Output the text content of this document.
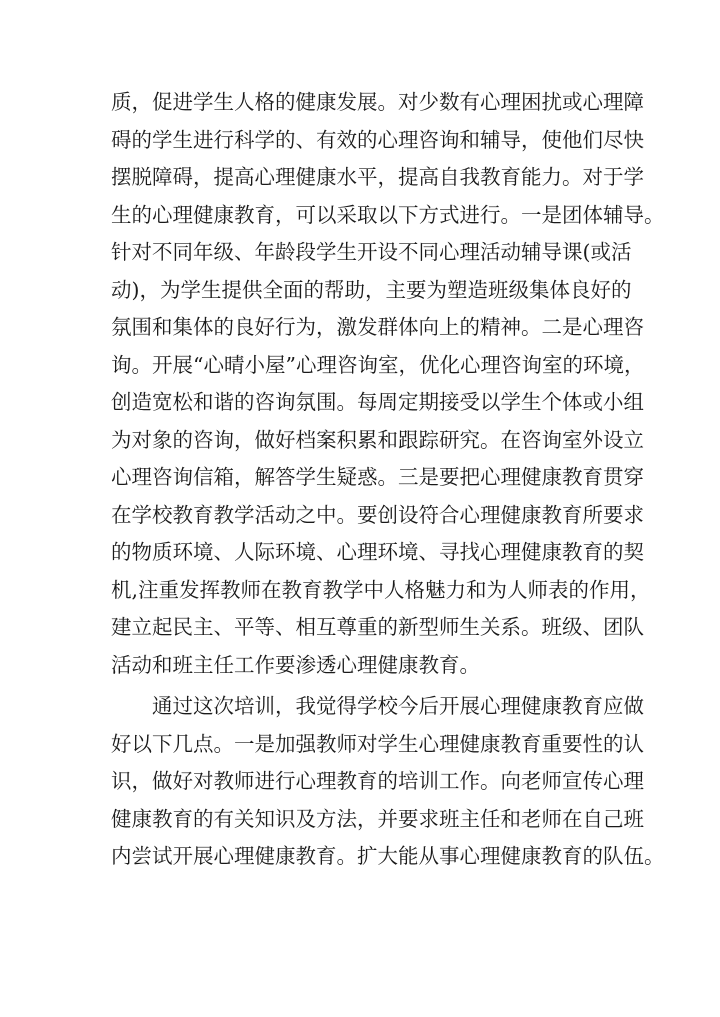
质，促进学生人格的健康发展。对少数有心理困扰或心理障
碍的学生进行科学的、有效的心理咨询和辅导，使他们尽快
摆脱障碍，提高心理健康水平，提高自我教育能力。对于学
生的心理健康教育，可以采取以下方式进行。一是团体辅导。
针对不同年级、年龄段学生开设不同心理活动辅导课(或活
动)，为学生提供全面的帮助，主要为塑造班级集体良好的
氛围和集体的良好行为，激发群体向上的精神。二是心理咨
询。开展“心晴小屋”心理咨询室，优化心理咨询室的环境，
创造宽松和谐的咨询氛围。每周定期接受以学生个体或小组
为对象的咨询，做好档案积累和跟踪研究。在咨询室外设立
心理咨询信箱，解答学生疑惑。三是要把心理健康教育贯穿
在学校教育教学活动之中。要创设符合心理健康教育所要求
的物质环境、人际环境、心理环境、寻找心理健康教育的契
机,注重发挥教师在教育教学中人格魅力和为人师表的作用，
建立起民主、平等、相互尊重的新型师生关系。班级、团队
活动和班主任工作要渗透心理健康教育。
通过这次培训，我觉得学校今后开展心理健康教育应做
好以下几点。一是加强教师对学生心理健康教育重要性的认
识，做好对教师进行心理教育的培训工作。向老师宣传心理
健康教育的有关知识及方法，并要求班主任和老师在自己班
内尝试开展心理健康教育。扩大能从事心理健康教育的队伍。
